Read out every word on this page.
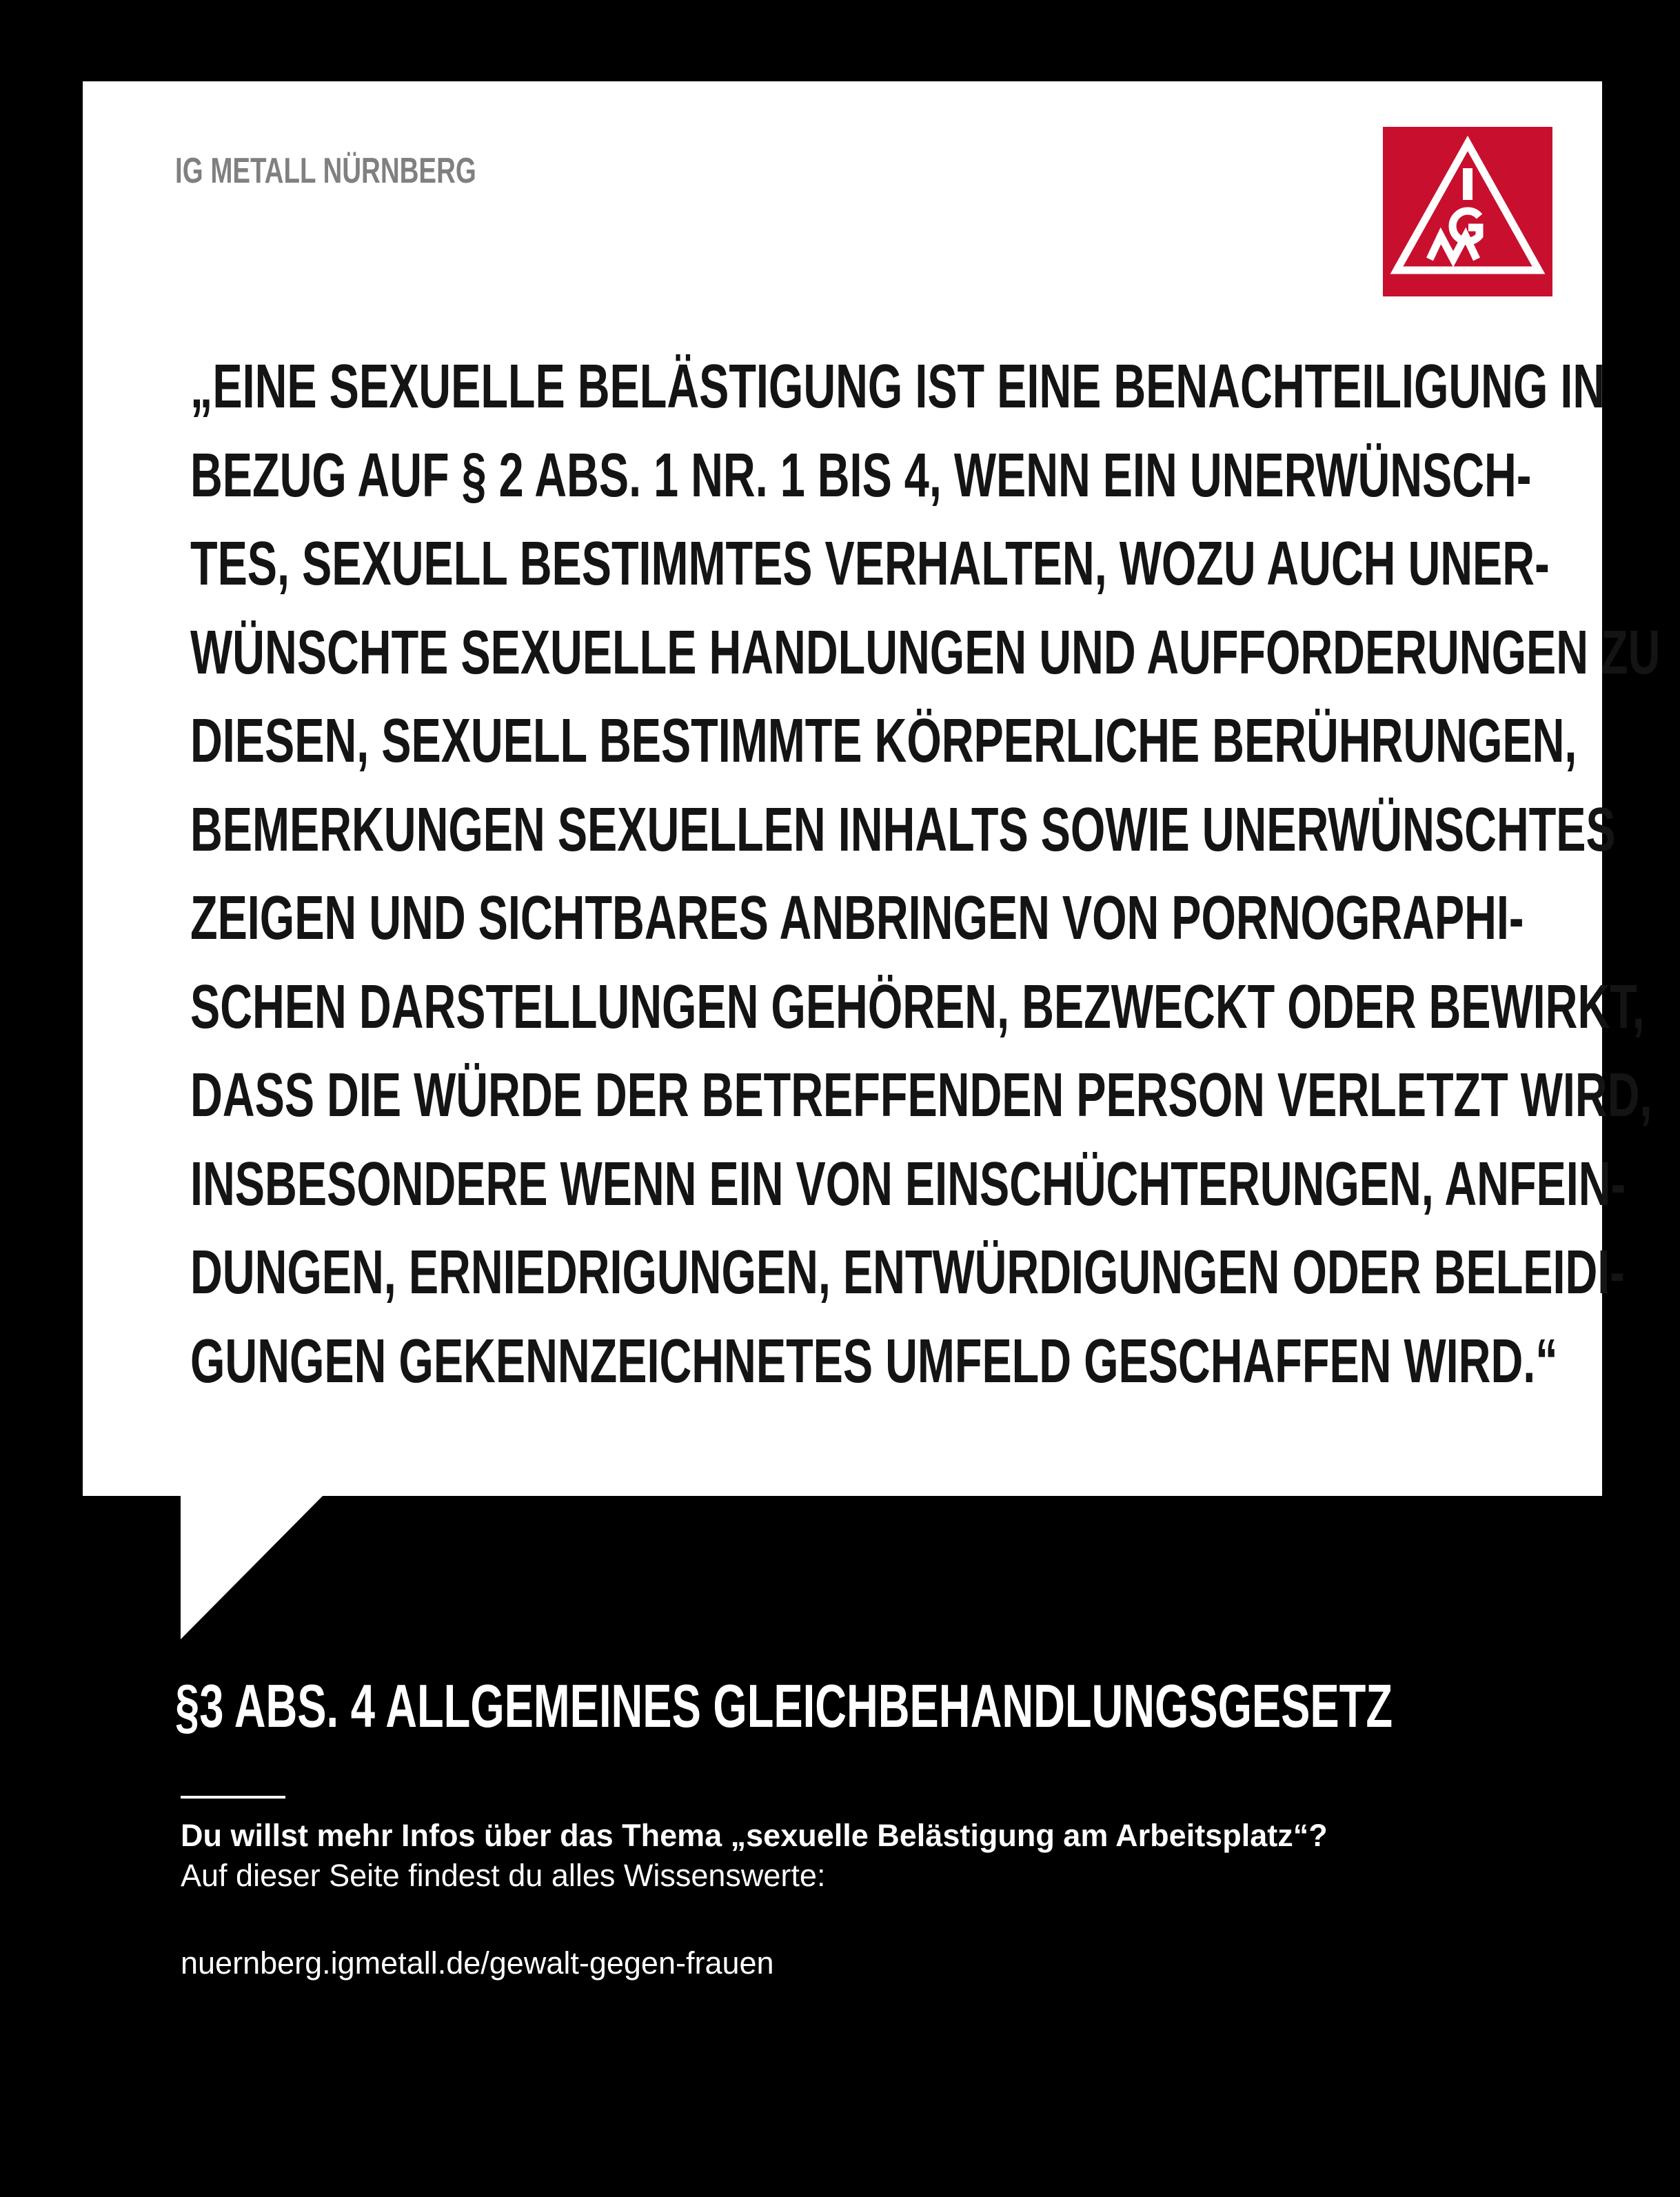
IG METALL NÜRNBERG
„EINE SEXUELLE BELÄSTIGUNG IST EINE BENACHTEILIGUNG IN
BEZUG AUF § 2 ABS. 1 NR. 1 BIS 4, WENN EIN UNERWÜNSCH-
TES, SEXUELL BESTIMMTES VERHALTEN, WOZU AUCH UNER-
WÜNSCHTE SEXUELLE HANDLUNGEN UND AUFFORDERUNGEN ZU
DIESEN, SEXUELL BESTIMMTE KÖRPERLICHE BERÜHRUNGEN,
BEMERKUNGEN SEXUELLEN INHALTS SOWIE UNERWÜNSCHTES
ZEIGEN UND SICHTBARES ANBRINGEN VON PORNOGRAPHI-
SCHEN DARSTELLUNGEN GEHÖREN, BEZWECKT ODER BEWIRKT,
DASS DIE WÜRDE DER BETREFFENDEN PERSON VERLETZT WIRD,
INSBESONDERE WENN EIN VON EINSCHÜCHTERUNGEN, ANFEIN-
DUNGEN, ERNIEDRIGUNGEN, ENTWÜRDIGUNGEN ODER BELEIDI-
GUNGEN GEKENNZEICHNETES UMFELD GESCHAFFEN WIRD.“
§3 ABS. 4 ALLGEMEINES GLEICHBEHANDLUNGSGESETZ
Du willst mehr Infos über das Thema „sexuelle Belästigung am Arbeitsplatz“?
Auf dieser Seite findest du alles Wissenswerte:
nuernberg.igmetall.de/gewalt-gegen-frauen
